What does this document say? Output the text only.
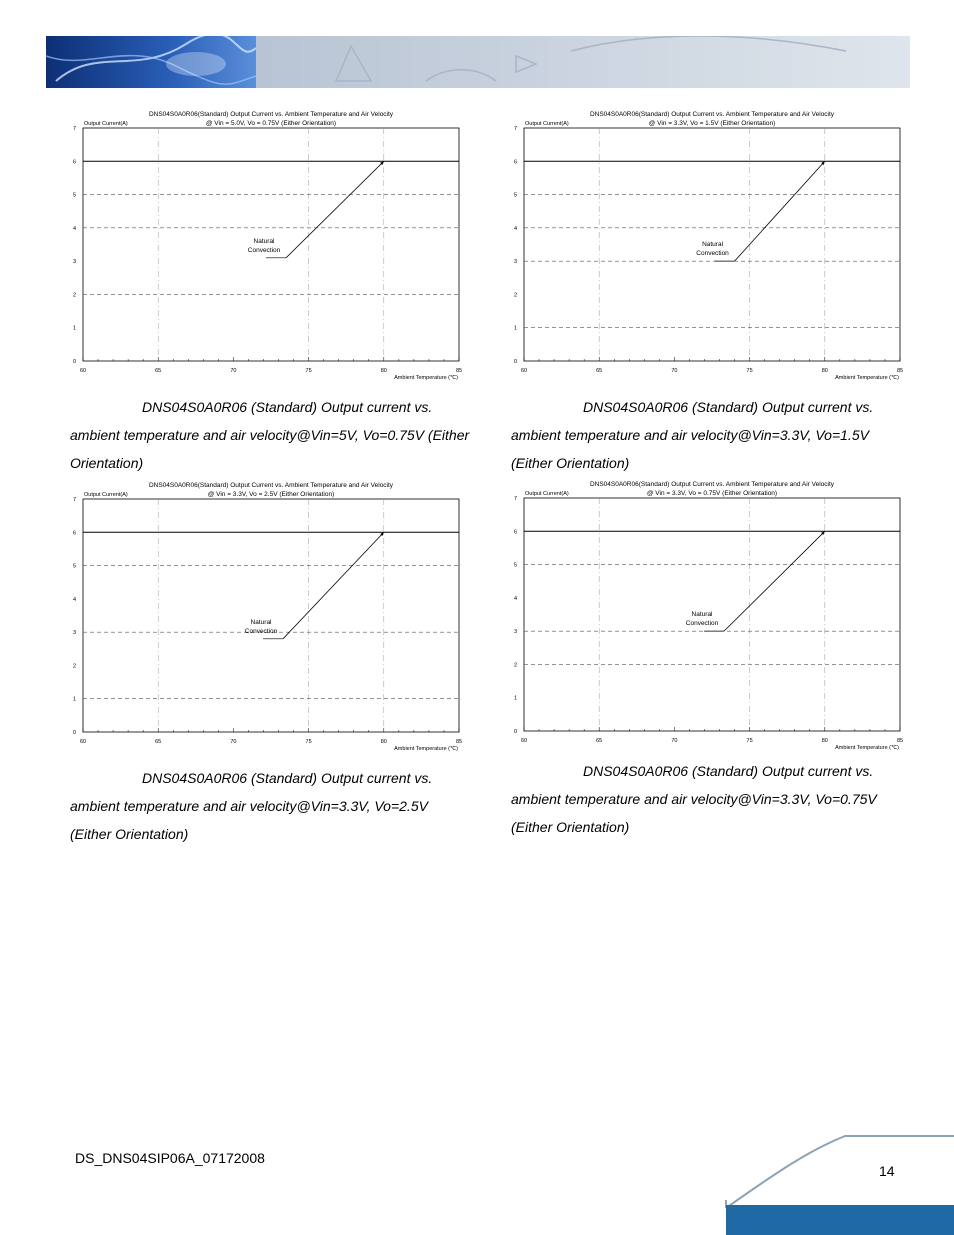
DNS04S0A0R06(Standard) Output Current vs. Ambient Temperature and Air Velocity
@ Vin = 5.0V, Vo = 0.75V (Either Orientation)
Output Current(A)
60	65	70	75	80	85
0
1
2
3
4
5
6
7
Ambient Temperature (℃)
Natural
Convection
DNS04S0A0R06(Standard) Output Current vs. Ambient Temperature and Air Velocity
@ Vin = 3.3V, Vo = 1.5V (Either Orientation)
Output Current(A)
60	65	70	75	80	85
0
1
2
3
4
5
6
7
Ambient Temperature (℃)
Natural
Convection
DNS04S0A0R06(Standard) Output Current vs. Ambient Temperature and Air Velocity
@ Vin = 3.3V, Vo = 2.5V (Either Orientation)
Output Current(A)
60	65	70	75	80	85
0
1
2
3
4
5
6
7
Ambient Temperature (℃)
Natural
Convection
DNS04S0A0R06(Standard) Output Current vs. Ambient Temperature and Air Velocity
@ Vin = 3.3V, Vo = 0.75V (Either Orientation)
Output Current(A)
60	65	70	75	80	85
0
1
2
3
4
5
6
7
Ambient Temperature (℃)
Natural
Convection
DNS04S0A0R06 (Standard) Output current vs.
ambient temperature and air velocity@Vin=5V, Vo=0.75V (Either
Orientation)
DNS04S0A0R06 (Standard) Output current vs.
ambient temperature and air velocity@Vin=3.3V, Vo=1.5V
(Either Orientation)
DNS04S0A0R06 (Standard) Output current vs.
ambient temperature and air velocity@Vin=3.3V, Vo=2.5V
(Either Orientation)
DNS04S0A0R06 (Standard) Output current vs.
ambient temperature and air velocity@Vin=3.3V, Vo=0.75V
(Either Orientation)
DS_DNS04SIP06A_07172008
14
